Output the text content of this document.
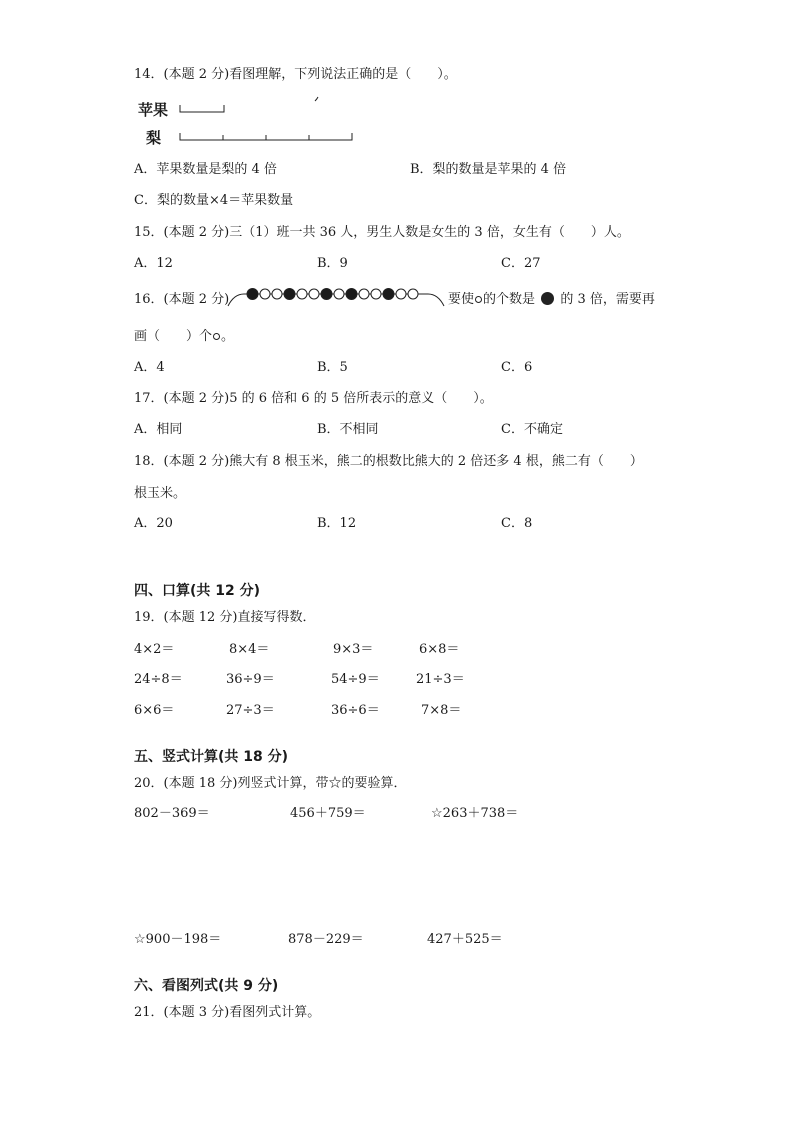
14．(本题 2 分)看图理解，下列说法正确的是（　　）。
苹果
梨
A．苹果数量是梨的 4 倍	B．梨的数量是苹果的 4 倍
C．梨的数量×4＝苹果数量
15．(本题 2 分)三（1）班一共 36 人，男生人数是女生的 3 倍，女生有（　　）人。
A．12	B．9	C．27
16．(本题 2 分)	要使 的个数是 的 3 倍，需要再
画（　　）个 。
A．4	B．5	C．6
17．(本题 2 分)5 的 6 倍和 6 的 5 倍所表示的意义（　　）。
A．相同	B．不相同	C．不确定
18．(本题 2 分)熊大有 8 根玉米，熊二的根数比熊大的 2 倍还多 4 根，熊二有（　　）
根玉米。
A．20	B．12	C．8
四、口算(共 12 分)
19．(本题 12 分)直接写得数．
4×2＝	8×4＝	9×3＝	6×8＝
24÷8＝	36÷9＝	54÷9＝	21÷3＝
6×6＝	27÷3＝	36÷6＝	7×8＝
五、竖式计算(共 18 分)
20．(本题 18 分)列竖式计算，带☆的要验算．
802－369＝	456＋759＝	☆263＋738＝
☆900－198＝	878－229＝	427＋525＝
六、看图列式(共 9 分)
21．(本题 3 分)看图列式计算。
